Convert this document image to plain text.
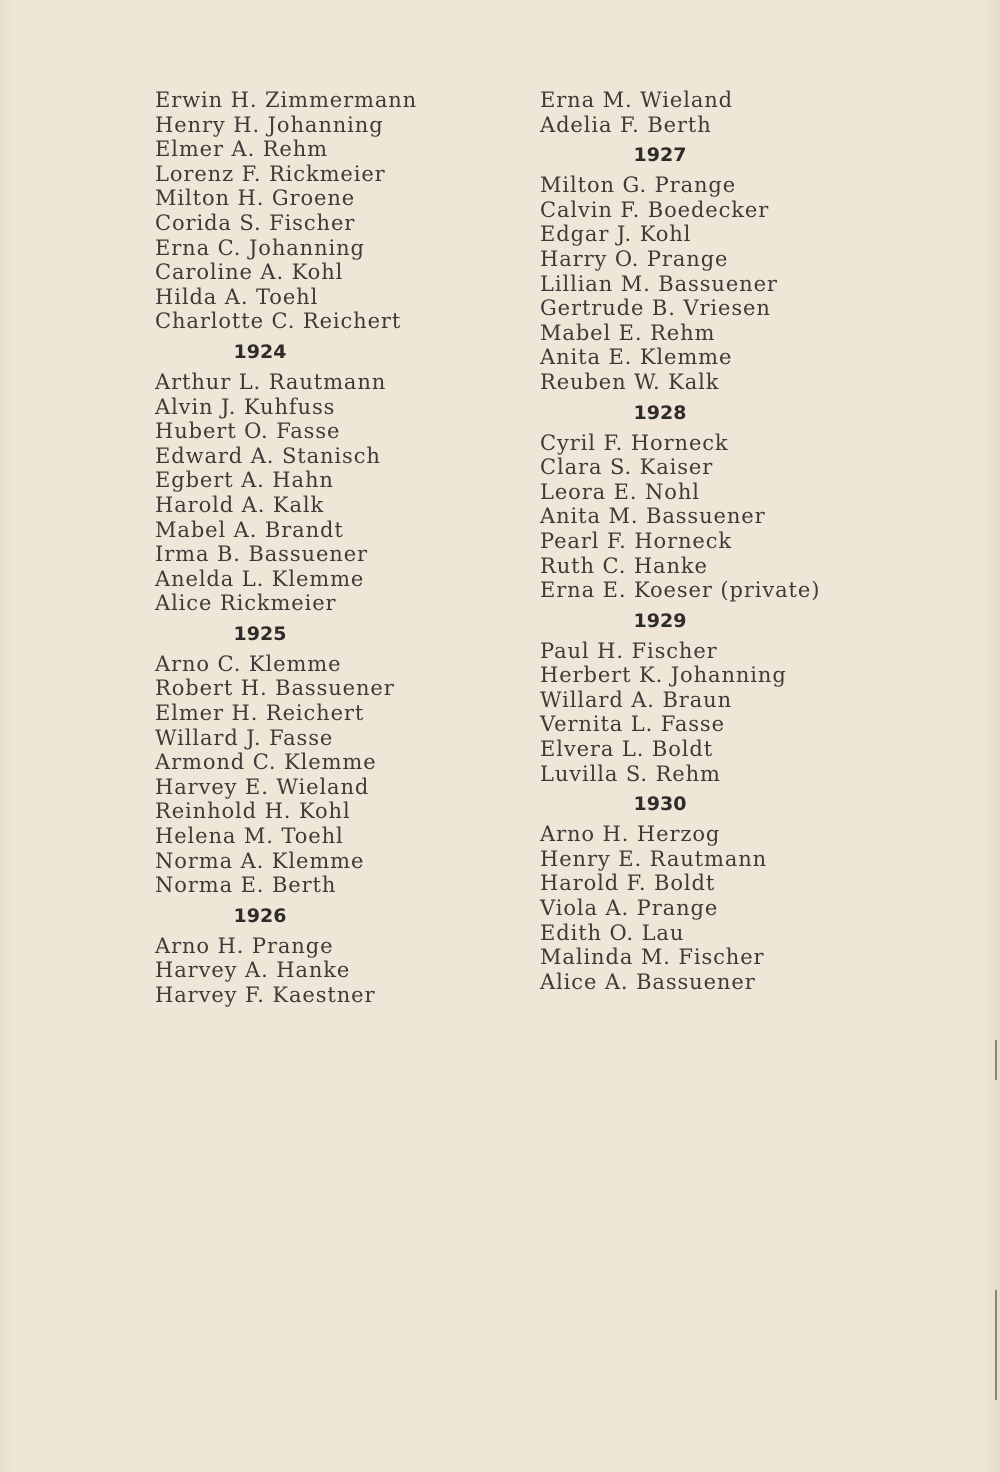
Erwin H. Zimmermann
Henry H. Johanning
Elmer A. Rehm
Lorenz F. Rickmeier
Milton H. Groene
Corida S. Fischer
Erna C. Johanning
Caroline A. Kohl
Hilda A. Toehl
Charlotte C. Reichert
1924
Arthur L. Rautmann
Alvin J. Kuhfuss
Hubert O. Fasse
Edward A. Stanisch
Egbert A. Hahn
Harold A. Kalk
Mabel A. Brandt
Irma B. Bassuener
Anelda L. Klemme
Alice Rickmeier
1925
Arno C. Klemme
Robert H. Bassuener
Elmer H. Reichert
Willard J. Fasse
Armond C. Klemme
Harvey E. Wieland
Reinhold H. Kohl
Helena M. Toehl
Norma A. Klemme
Norma E. Berth
1926
Arno H. Prange
Harvey A. Hanke
Harvey F. Kaestner
Erna M. Wieland
Adelia F. Berth
1927
Milton G. Prange
Calvin F. Boedecker
Edgar J. Kohl
Harry O. Prange
Lillian M. Bassuener
Gertrude B. Vriesen
Mabel E. Rehm
Anita E. Klemme
Reuben W. Kalk
1928
Cyril F. Horneck
Clara S. Kaiser
Leora E. Nohl
Anita M. Bassuener
Pearl F. Horneck
Ruth C. Hanke
Erna E. Koeser (private)
1929
Paul H. Fischer
Herbert K. Johanning
Willard A. Braun
Vernita L. Fasse
Elvera L. Boldt
Luvilla S. Rehm
1930
Arno H. Herzog
Henry E. Rautmann
Harold F. Boldt
Viola A. Prange
Edith O. Lau
Malinda M. Fischer
Alice A. Bassuener
